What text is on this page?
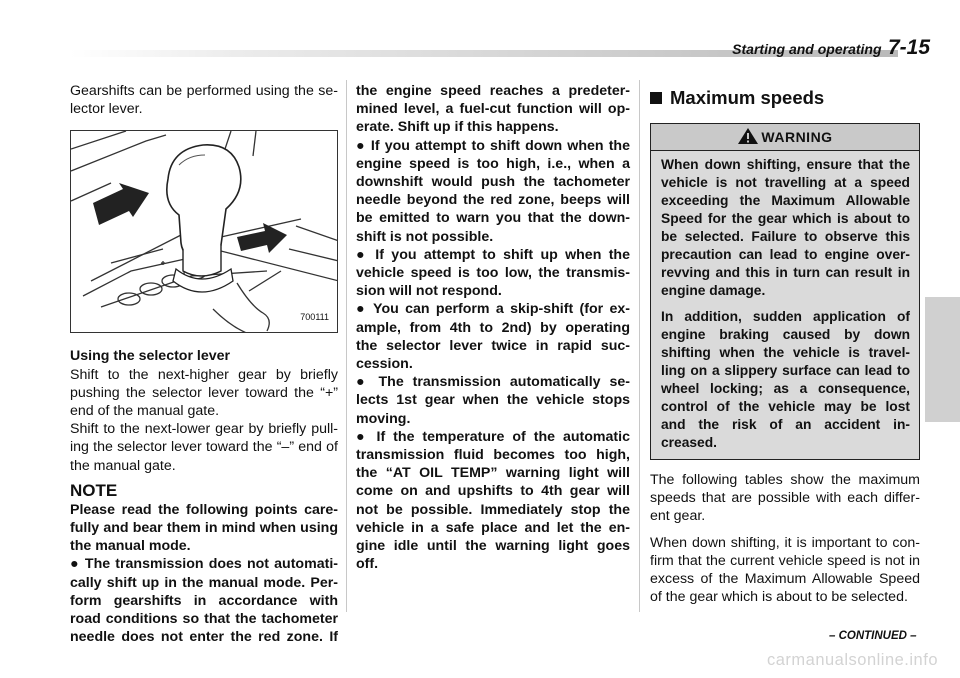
Starting and operating 7-15
Gearshifts can be performed using the se-
lector lever.
700111
Using the selector lever
Shift to the next-higher gear by briefly
pushing the selector lever toward the “+”
end of the manual gate.
Shift to the next-lower gear by briefly pull-
ing the selector lever toward the “–” end of
the manual gate.
NOTE
Please read the following points care-
fully and bear them in mind when using
the manual mode.
● The transmission does not automati-
cally shift up in the manual mode. Per-
form gearshifts in accordance with
road conditions so that the tachometer
needle does not enter the red zone. If
the engine speed reaches a predeter-
mined level, a fuel-cut function will op-
erate. Shift up if this happens.
● If you attempt to shift down when the
engine speed is too high, i.e., when a
downshift would push the tachometer
needle beyond the red zone, beeps will
be emitted to warn you that the down-
shift is not possible.
● If you attempt to shift up when the
vehicle speed is too low, the transmis-
sion will not respond.
● You can perform a skip-shift (for ex-
ample, from 4th to 2nd) by operating
the selector lever twice in rapid suc-
cession.
● The transmission automatically se-
lects 1st gear when the vehicle stops
moving.
● If the temperature of the automatic
transmission fluid becomes too high,
the “AT OIL TEMP” warning light will
come on and upshifts to 4th gear will
not be possible. Immediately stop the
vehicle in a safe place and let the en-
gine idle until the warning light goes
off.
Maximum speeds
WARNING
When down shifting, ensure that the
vehicle is not travelling at a speed
exceeding the Maximum Allowable
Speed for the gear which is about to
be selected. Failure to observe this
precaution can lead to engine over-
revving and this in turn can result in
engine damage.
In addition, sudden application of
engine braking caused by down
shifting when the vehicle is travel-
ling on a slippery surface can lead to
wheel locking; as a consequence,
control of the vehicle may be lost
and the risk of an accident in-
creased.
The following tables show the maximum
speeds that are possible with each differ-
ent gear.
When down shifting, it is important to con-
firm that the current vehicle speed is not in
excess of the Maximum Allowable Speed
of the gear which is about to be selected.
– CONTINUED –
carmanualsonline.info
